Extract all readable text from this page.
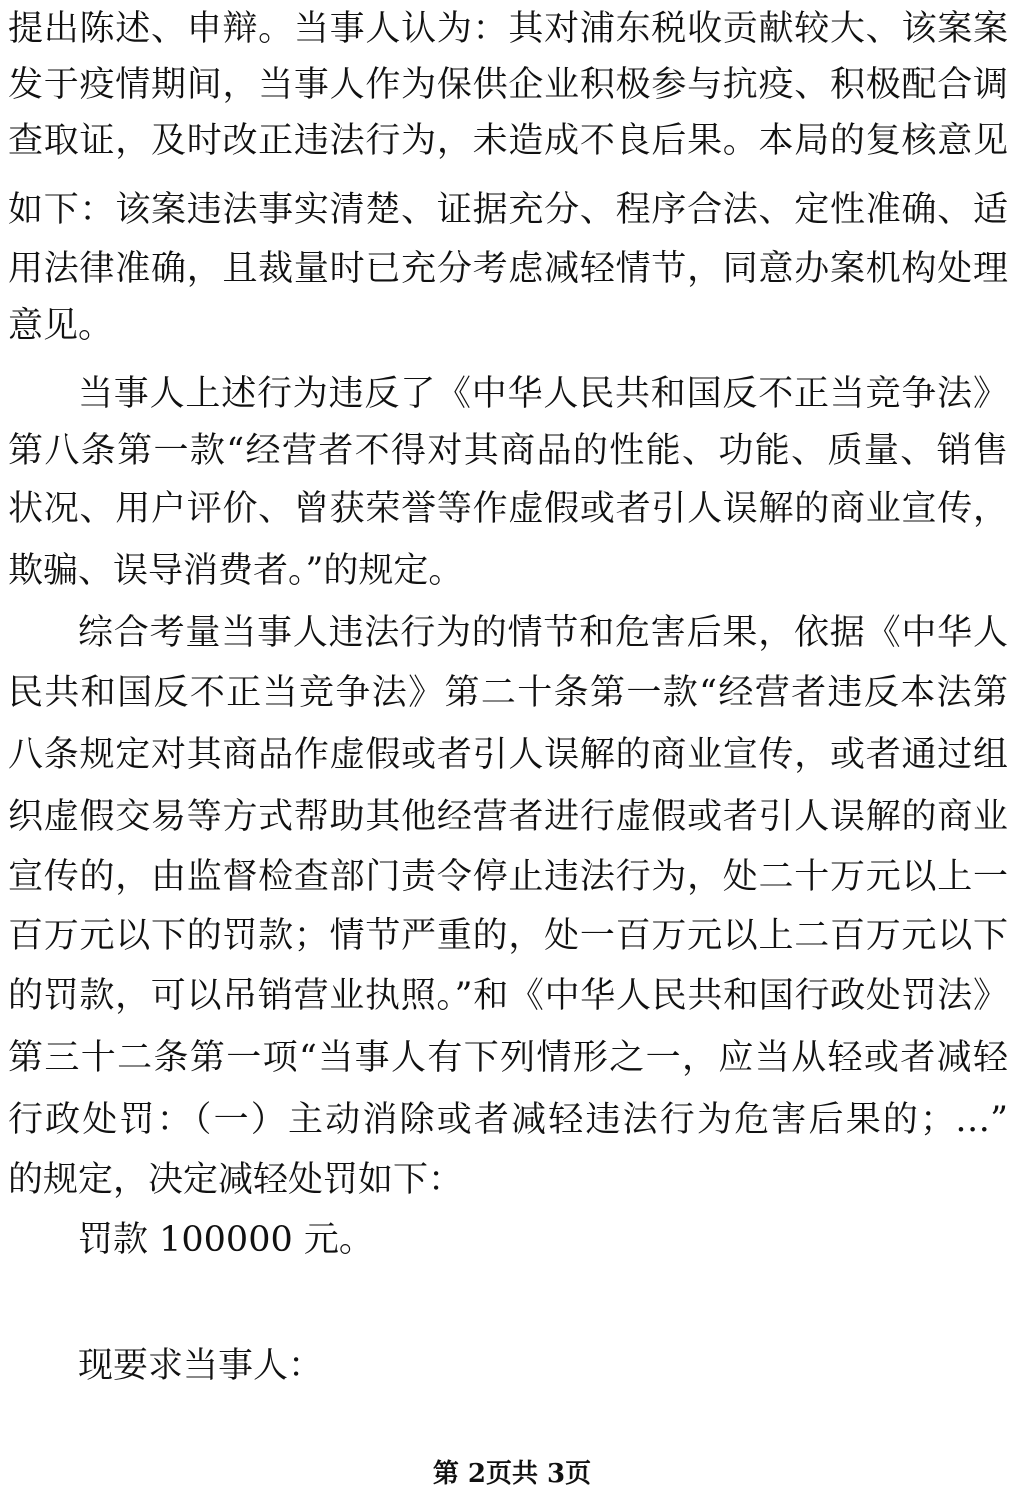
提出陈述、申辩。当事人认为：其对浦东税收贡献较大、该案案
发于疫情期间，当事人作为保供企业积极参与抗疫、积极配合调
查取证，及时改正违法行为，未造成不良后果。本局的复核意见
如下：该案违法事实清楚、证据充分、程序合法、定性准确、适
用法律准确，且裁量时已充分考虑减轻情节，同意办案机构处理
意见。
当事人上述行为违反了《中华人民共和国反不正当竞争法》
第八条第一款“经营者不得对其商品的性能、功能、质量、销售
状况、用户评价、曾获荣誉等作虚假或者引人误解的商业宣传，
欺骗、误导消费者。”的规定。
综合考量当事人违法行为的情节和危害后果，依据《中华人
民共和国反不正当竞争法》第二十条第一款“经营者违反本法第
八条规定对其商品作虚假或者引人误解的商业宣传，或者通过组
织虚假交易等方式帮助其他经营者进行虚假或者引人误解的商业
宣传的，由监督检查部门责令停止违法行为，处二十万元以上一
百万元以下的罚款；情节严重的，处一百万元以上二百万元以下
的罚款，可以吊销营业执照。”和《中华人民共和国行政处罚法》
第三十二条第一项“当事人有下列情形之一，应当从轻或者减轻
行政处罚：（一）主动消除或者减轻违法行为危害后果的；…”
的规定，决定减轻处罚如下：
罚款 100000 元。
现要求当事人：
第 2页共 3页
